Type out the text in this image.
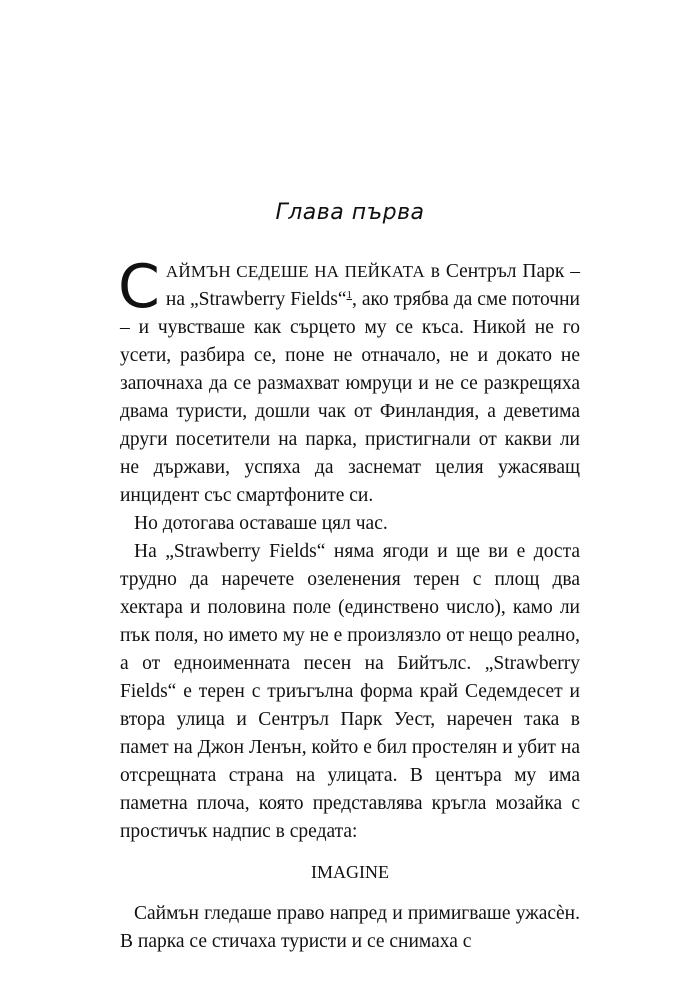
Глава първа

САЙМЪН СЕДЕШЕ НА ПЕЙКАТА в Сентръл Парк – на „Strawberry Fields“$^1$, ако трябва да сме поточни – и чувстваше как сърцето му се къса. Никой не го усети, разбира се, поне не отначало, не и докато не започнаха да се размахват юмруци и не се разкрещяха двама туристи, дошли чак от Финландия, а деветима други посетители на парка, пристигнали от какви ли не държави, успяха да заснемат целия ужасяващ инцидент със смартфоните си.

Но дотогава оставаше цял час.

На „Strawberry Fields“ няма ягоди и ще ви е доста трудно да наречете озеленения терен с площ два хектара и половина поле (единствено число), камо ли пък поля, но името му не е произлязло от нещо реално, а от едноименната песен на Бийтълс. „Strawberry Fields“ е терен с триъгълна форма край Седемдесет и втора улица и Сентръл Парк Уест, наречен така в памет на Джон Ленън, който е бил простелян и убит на отсрещната страна на улицата. В центъра му има паметна плоча, която представлява кръгла мозайка с простичък надпис в средата:

IMAGINE

Саймън гледаше право напред и примигваше ужасѐн. В парка се стичаха туристи и се снимаха с
